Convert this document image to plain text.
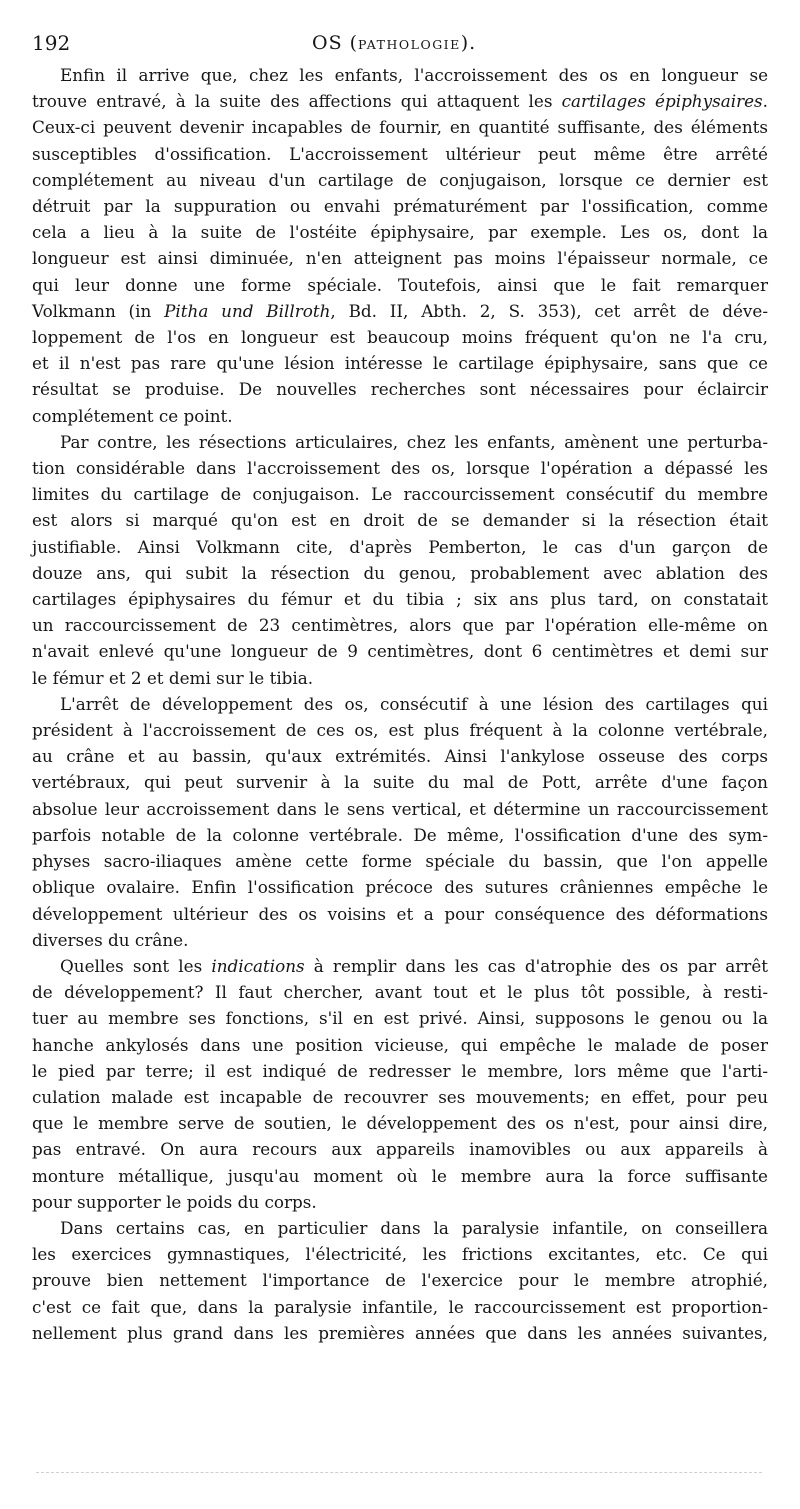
192	OS (PATHOLOGIE).
Enfin il arrive que, chez les enfants, l'accroissement des os en longueur se
trouve entravé, à la suite des affections qui attaquent les cartilages épiphysaires.
Ceux-ci peuvent devenir incapables de fournir, en quantité suffisante, des éléments
susceptibles d'ossification. L'accroissement ultérieur peut même être arrêté
complétement au niveau d'un cartilage de conjugaison, lorsque ce dernier est
détruit par la suppuration ou envahi prématurément par l'ossification, comme
cela a lieu à la suite de l'ostéite épiphysaire, par exemple. Les os, dont la
longueur est ainsi diminuée, n'en atteignent pas moins l'épaisseur normale, ce
qui leur donne une forme spéciale. Toutefois, ainsi que le fait remarquer
Volkmann (in Pitha und Billroth, Bd. II, Abth. 2, S. 353), cet arrêt de déve-
loppement de l'os en longueur est beaucoup moins fréquent qu'on ne l'a cru,
et il n'est pas rare qu'une lésion intéresse le cartilage épiphysaire, sans que ce
résultat se produise. De nouvelles recherches sont nécessaires pour éclaircir
complétement ce point.
Par contre, les résections articulaires, chez les enfants, amènent une perturba-
tion considérable dans l'accroissement des os, lorsque l'opération a dépassé les
limites du cartilage de conjugaison. Le raccourcissement consécutif du membre
est alors si marqué qu'on est en droit de se demander si la résection était
justifiable. Ainsi Volkmann cite, d'après Pemberton, le cas d'un garçon de
douze ans, qui subit la résection du genou, probablement avec ablation des
cartilages épiphysaires du fémur et du tibia ; six ans plus tard, on constatait
un raccourcissement de 23 centimètres, alors que par l'opération elle-même on
n'avait enlevé qu'une longueur de 9 centimètres, dont 6 centimètres et demi sur
le fémur et 2 et demi sur le tibia.
L'arrêt de développement des os, consécutif à une lésion des cartilages qui
président à l'accroissement de ces os, est plus fréquent à la colonne vertébrale,
au crâne et au bassin, qu'aux extrémités. Ainsi l'ankylose osseuse des corps
vertébraux, qui peut survenir à la suite du mal de Pott, arrête d'une façon
absolue leur accroissement dans le sens vertical, et détermine un raccourcissement
parfois notable de la colonne vertébrale. De même, l'ossification d'une des sym-
physes sacro-iliaques amène cette forme spéciale du bassin, que l'on appelle
oblique ovalaire. Enfin l'ossification précoce des sutures crâniennes empêche le
développement ultérieur des os voisins et a pour conséquence des déformations
diverses du crâne.
Quelles sont les indications à remplir dans les cas d'atrophie des os par arrêt
de développement? Il faut chercher, avant tout et le plus tôt possible, à resti-
tuer au membre ses fonctions, s'il en est privé. Ainsi, supposons le genou ou la
hanche ankylosés dans une position vicieuse, qui empêche le malade de poser
le pied par terre; il est indiqué de redresser le membre, lors même que l'arti-
culation malade est incapable de recouvrer ses mouvements; en effet, pour peu
que le membre serve de soutien, le développement des os n'est, pour ainsi dire,
pas entravé. On aura recours aux appareils inamovibles ou aux appareils à
monture métallique, jusqu'au moment où le membre aura la force suffisante
pour supporter le poids du corps.
Dans certains cas, en particulier dans la paralysie infantile, on conseillera
les exercices gymnastiques, l'électricité, les frictions excitantes, etc. Ce qui
prouve bien nettement l'importance de l'exercice pour le membre atrophié,
c'est ce fait que, dans la paralysie infantile, le raccourcissement est proportion-
nellement plus grand dans les premières années que dans les années suivantes,
